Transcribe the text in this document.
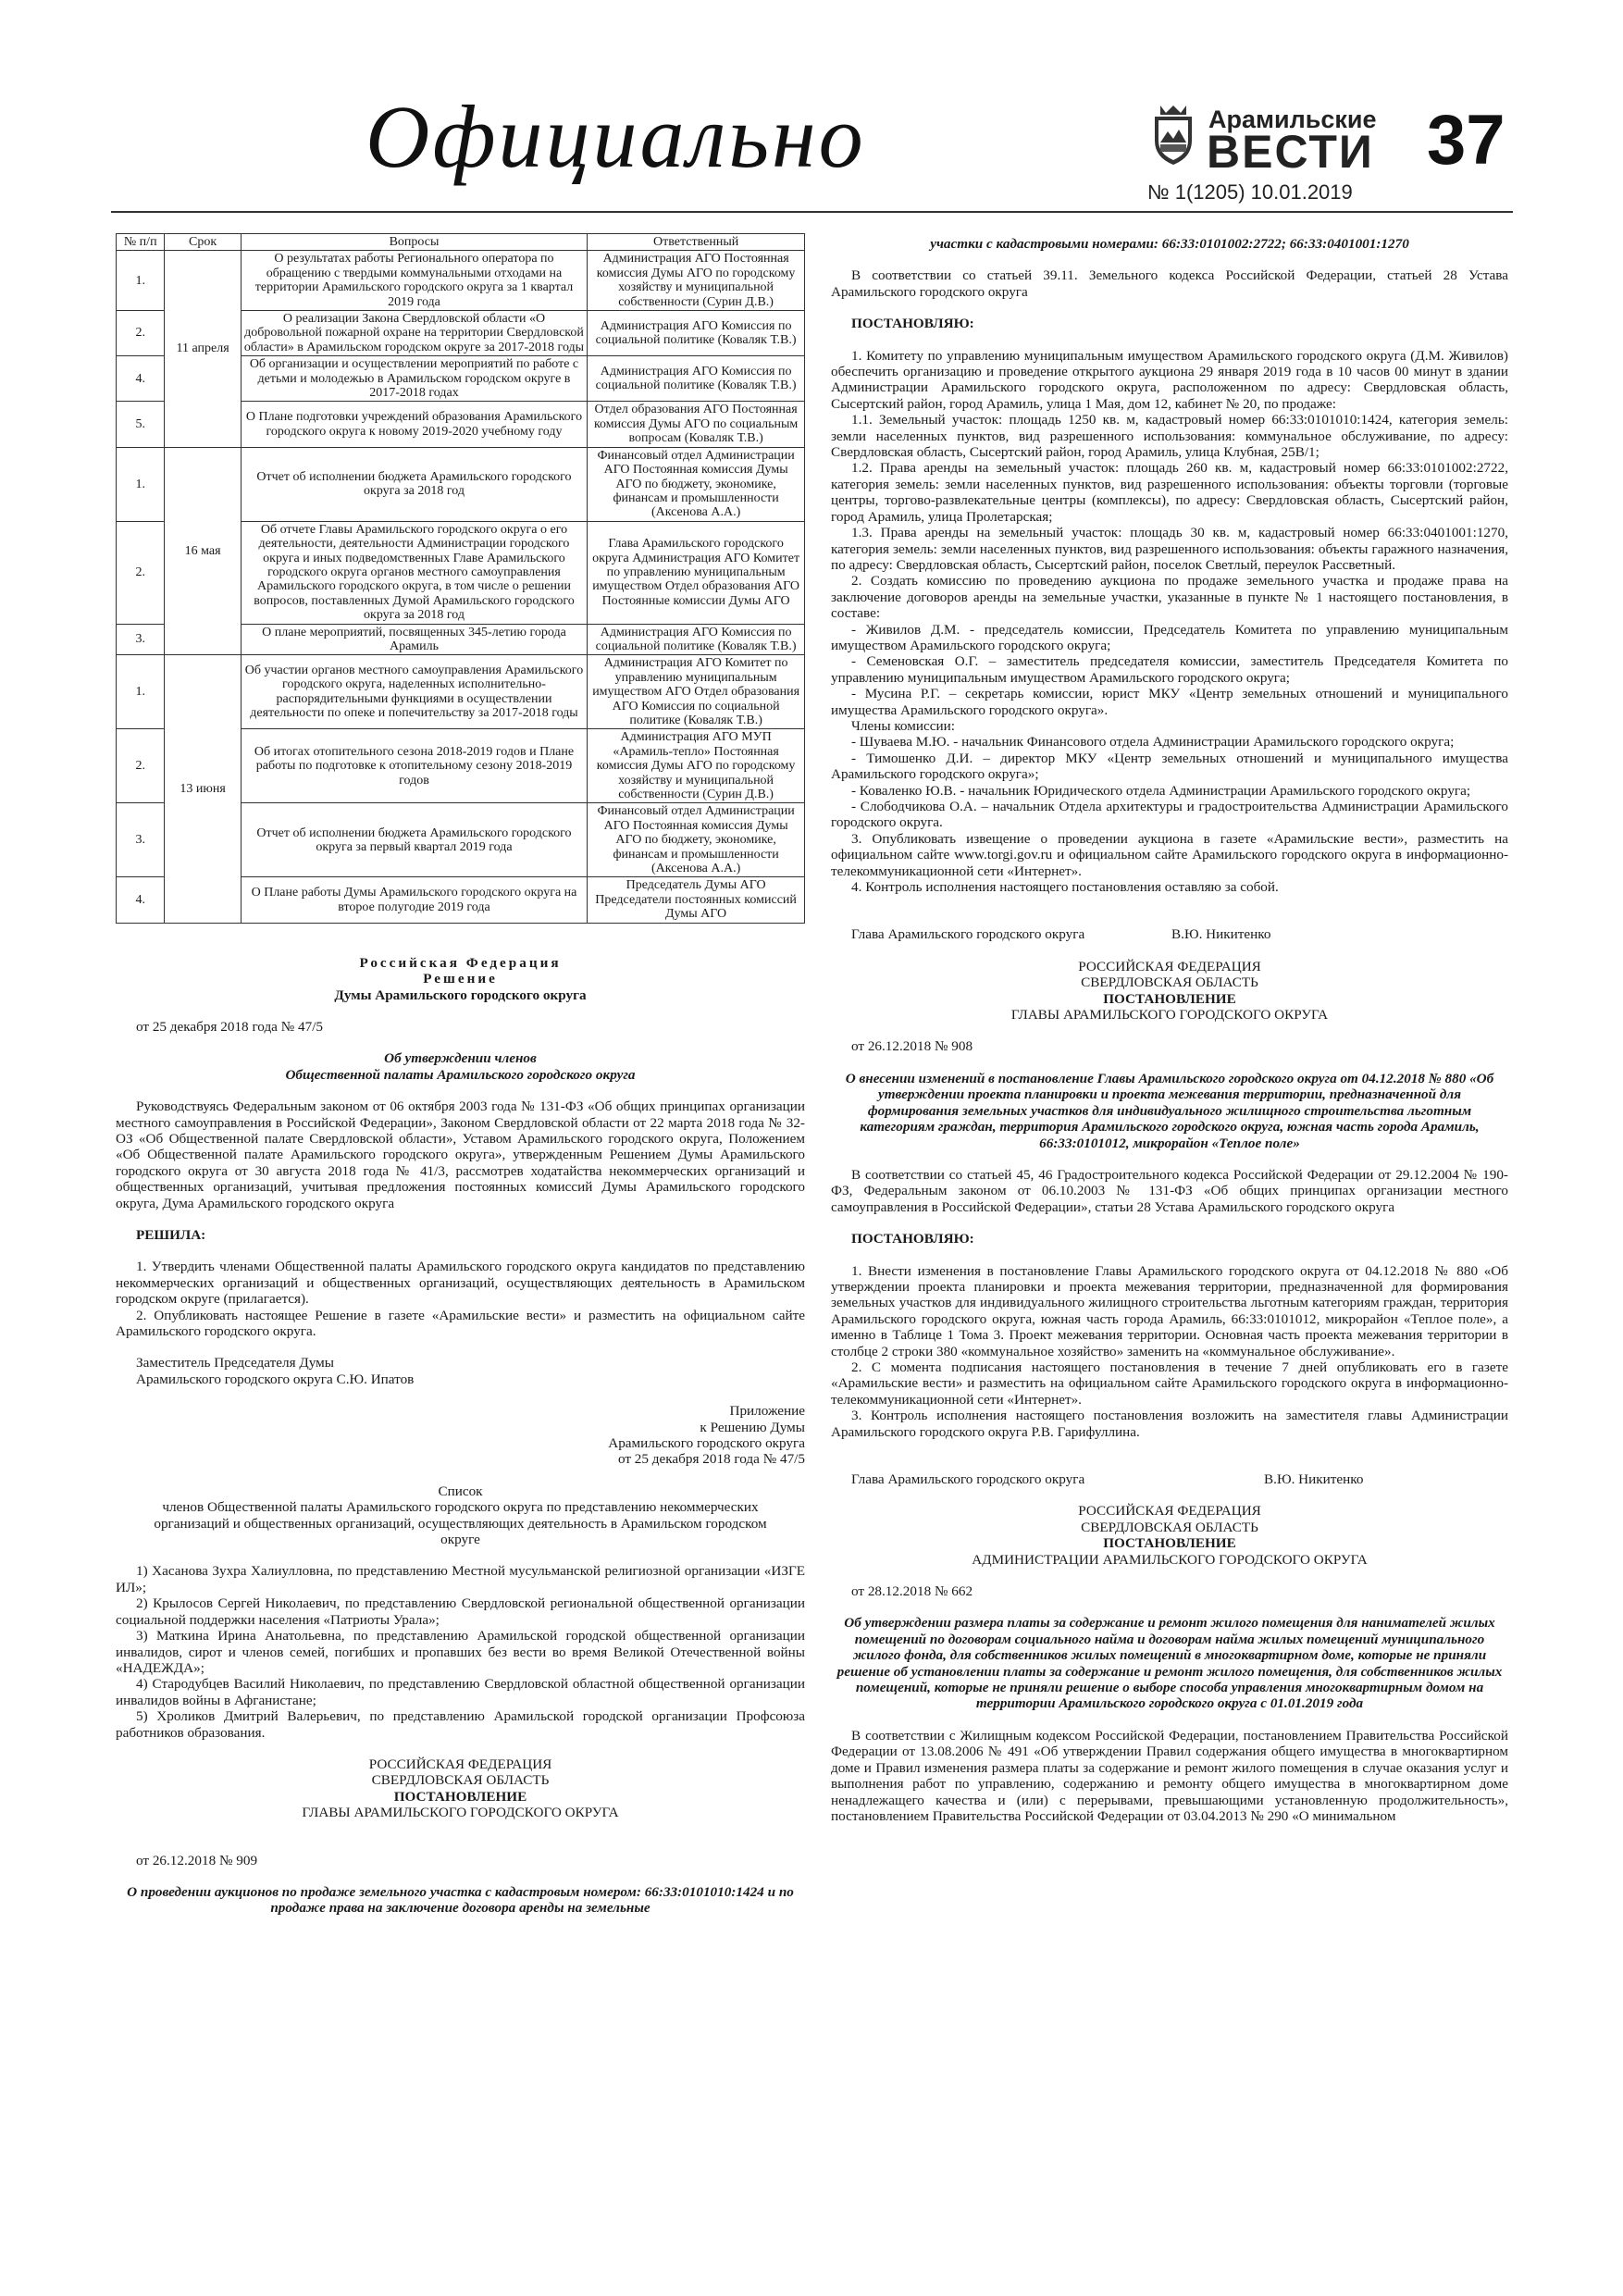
Официально	Арамильские
ВЕСТИ 37
№ 1(1205) 10.01.2019
№ п/п	Срок	Вопросы	Ответственный
1.	11 апреля	О результатах работы Регионального оператора по обращению с твердыми коммунальными отходами на территории Арамильского городского округа за 1 квартал 2019 года	Администрация АГО Постоянная комиссия Думы АГО по городскому хозяйству и муниципальной собственности (Сурин Д.В.)
2.		О реализации Закона Свердловской области «О добровольной пожарной охране на территории Свердловской области» в Арамильском городском округе за 2017-2018 годы	Администрация АГО Комиссия по социальной политике (Коваляк Т.В.)
4.		Об организации и осуществлении мероприятий по работе с детьми и молодежью в Арамильском городском округе в 2017-2018 годах	Администрация АГО Комиссия по социальной политике (Коваляк Т.В.)
5.		О Плане подготовки учреждений образования Арамильского городского округа к новому 2019-2020 учебному году	Отдел образования АГО Постоянная комиссия Думы АГО по социальным вопросам (Коваляк Т.В.)
1.	16 мая	Отчет об исполнении бюджета Арамильского городского округа за 2018 год	Финансовый отдел Администрации АГО Постоянная комиссия Думы АГО по бюджету, экономике, финансам и промышленности (Аксенова А.А.)
2.		Об отчете Главы Арамильского городского округа о его деятельности, деятельности Администрации городского округа и иных подведомственных Главе Арамильского городского округа органов местного самоуправления Арамильского городского округа, в том числе о решении вопросов, поставленных Думой Арамильского городского округа за 2018 год	Глава Арамильского городского округа Администрация АГО Комитет по управлению муниципальным имуществом Отдел образования АГО Постоянные комиссии Думы АГО
3.		О плане мероприятий, посвященных 345-летию города Арамиль	Администрация АГО Комиссия по социальной политике (Коваляк Т.В.)
1.	13 июня	Об участии органов местного самоуправления Арамильского городского округа, наделенных исполнительно-распорядительными функциями в осуществлении деятельности по опеке и попечительству за 2017-2018 годы	Администрация АГО Комитет по управлению муниципальным имуществом АГО Отдел образования АГО Комиссия по социальной политике (Коваляк Т.В.)
2.		Об итогах отопительного сезона 2018-2019 годов и Плане работы по подготовке к отопительному сезону 2018-2019 годов	Администрация АГО МУП «Арамиль-тепло» Постоянная комиссия Думы АГО по городскому хозяйству и муниципальной собственности (Сурин Д.В.)
3.		Отчет об исполнении бюджета Арамильского городского округа за первый квартал 2019 года	Финансовый отдел Администрации АГО Постоянная комиссия Думы АГО по бюджету, экономике, финансам и промышленности (Аксенова А.А.)
4.		О Плане работы Думы Арамильского городского округа на второе полугодие 2019 года	Председатель Думы АГО Председатели постоянных комиссий Думы АГО

Российская Федерация

Решение

Думы Арамильского городского округа

от 25 декабря 2018 года № 47/5

Об утверждении членов

Общественной палаты Арамильского городского округа

Руководствуясь Федеральным законом от 06 октября 2003 года № 131-ФЗ «Об общих принципах организации местного самоуправления в Российской Федерации», Законом Свердловской области от 22 марта 2018 года № 32-ОЗ «Об Общественной палате Свердловской области», Уставом Арамильского городского округа, Положением «Об Общественной палате Арамильского городского округа», утвержденным Решением Думы Арамильского городского округа от 30 августа 2018 года № 41/3, рассмотрев ходатайства некоммерческих организаций и общественных организаций, учитывая предложения постоянных комиссий Думы Арамильского городского округа, Дума Арамильского городского округа

РЕШИЛА:

1. Утвердить членами Общественной палаты Арамильского городского округа кандидатов по представлению некоммерческих организаций и общественных организаций, осуществляющих деятельность в Арамильском городском округе (прилагается).

2. Опубликовать настоящее Решение в газете «Арамильские вести» и разместить на официальном сайте Арамильского городского округа.

Заместитель Председателя Думы

Арамильского городского округа С.Ю. Ипатов

Приложение

к Решению Думы

Арамильского городского округа

от 25 декабря 2018 года № 47/5

Список

членов Общественной палаты Арамильского городского округа по представлению некоммерческих организаций и общественных организаций, осуществляющих деятельность в Арамильском городском округе

1) Хасанова Зухра Халиулловна, по представлению Местной мусульманской религиозной организации «ИЗГЕ ИЛ»;

2) Крылосов Сергей Николаевич, по представлению Свердловской региональной общественной организации социальной поддержки населения «Патриоты Урала»;

3) Маткина Ирина Анатольевна, по представлению Арамильской городской общественной организации инвалидов, сирот и членов семей, погибших и пропавших без вести во время Великой Отечественной войны «НАДЕЖДА»;

4) Стародубцев Василий Николаевич, по представлению Свердловской областной общественной организации инвалидов войны в Афганистане;

5) Хроликов Дмитрий Валерьевич, по представлению Арамильской городской организации Профсоюза работников образования.

РОССИЙСКАЯ ФЕДЕРАЦИЯ

СВЕРДЛОВСКАЯ ОБЛАСТЬ

ПОСТАНОВЛЕНИЕ

ГЛАВЫ АРАМИЛЬСКОГО ГОРОДСКОГО ОКРУГА

от 26.12.2018 № 909

О проведении аукционов по продаже земельного участка с кадастровым номером: 66:33:0101010:1424 и по продаже права на заключение договора аренды на земельные

участки с кадастровыми номерами: 66:33:0101002:2722; 66:33:0401001:1270

В соответствии со статьей 39.11. Земельного кодекса Российской Федерации, статьей 28 Устава Арамильского городского округа

ПОСТАНОВЛЯЮ:

1. Комитету по управлению муниципальным имуществом Арамильского городского округа (Д.М. Живилов) обеспечить организацию и проведение открытого аукциона 29 января 2019 года в 10 часов 00 минут в здании Администрации Арамильского городского округа, расположенном по адресу: Свердловская область, Сысертский район, город Арамиль, улица 1 Мая, дом 12, кабинет № 20, по продаже:

1.1. Земельный участок: площадь 1250 кв. м, кадастровый номер 66:33:0101010:1424, категория земель: земли населенных пунктов, вид разрешенного использования: коммунальное обслуживание, по адресу: Свердловская область, Сысертский район, город Арамиль, улица Клубная, 25В/1;

1.2. Права аренды на земельный участок: площадь 260 кв. м, кадастровый номер 66:33:0101002:2722, категория земель: земли населенных пунктов, вид разрешенного использования: объекты торговли (торговые центры, торгово-развлекательные центры (комплексы), по адресу: Свердловская область, Сысертский район, город Арамиль, улица Пролетарская;

1.3. Права аренды на земельный участок: площадь 30 кв. м, кадастровый номер 66:33:0401001:1270, категория земель: земли населенных пунктов, вид разрешенного использования: объекты гаражного назначения, по адресу: Свердловская область, Сысертский район, поселок Светлый, переулок Рассветный.

2. Создать комиссию по проведению аукциона по продаже земельного участка и продаже права на заключение договоров аренды на земельные участки, указанные в пункте № 1 настоящего постановления, в составе:

- Живилов Д.М. - председатель комиссии, Председатель Комитета по управлению муниципальным имуществом Арамильского городского округа;

- Семеновская О.Г. – заместитель председателя комиссии, заместитель Председателя Комитета по управлению муниципальным имуществом Арамильского городского округа;

- Мусина Р.Г. – секретарь комиссии, юрист МКУ «Центр земельных отношений и муниципального имущества Арамильского городского округа».

Члены комиссии:

- Шуваева М.Ю. - начальник Финансового отдела Администрации Арамильского городского округа;

- Тимошенко Д.И. – директор МКУ «Центр земельных отношений и муниципального имущества Арамильского городского округа»;

- Коваленко Ю.В. - начальник Юридического отдела Администрации Арамильского городского округа;

- Слободчикова О.А. – начальник Отдела архитектуры и градостроительства Администрации Арамильского городского округа.

3. Опубликовать извещение о проведении аукциона в газете «Арамильские вести», разместить на официальном сайте www.torgi.gov.ru и официальном сайте Арамильского городского округа в информационно-телекоммуникационной сети «Интернет».

4. Контроль исполнения настоящего постановления оставляю за собой.

Глава Арамильского городского округа	В.Ю. Никитенко

РОССИЙСКАЯ ФЕДЕРАЦИЯ

СВЕРДЛОВСКАЯ ОБЛАСТЬ

ПОСТАНОВЛЕНИЕ

ГЛАВЫ АРАМИЛЬСКОГО ГОРОДСКОГО ОКРУГА

от 26.12.2018 № 908

О внесении изменений в постановление Главы Арамильского городского округа от 04.12.2018 № 880 «Об утверждении проекта планировки и проекта межевания территории, предназначенной для формирования земельных участков для индивидуального жилищного строительства льготным категориям граждан, территория Арамильского городского округа, южная часть города Арамиль, 66:33:0101012, микрорайон «Теплое поле»

В соответствии со статьей 45, 46 Градостроительного кодекса Российской Федерации от 29.12.2004 № 190-ФЗ, Федеральным законом от 06.10.2003 № 131-ФЗ «Об общих принципах организации местного самоуправления в Российской Федерации», статьи 28 Устава Арамильского городского округа

ПОСТАНОВЛЯЮ:

1. Внести изменения в постановление Главы Арамильского городского округа от 04.12.2018 № 880 «Об утверждении проекта планировки и проекта межевания территории, предназначенной для формирования земельных участков для индивидуального жилищного строительства льготным категориям граждан, территория Арамильского городского округа, южная часть города Арамиль, 66:33:0101012, микрорайон «Теплое поле», а именно в Таблице 1 Тома 3. Проект межевания территории. Основная часть проекта межевания территории в столбце 2 строки 380 «коммунальное хозяйство» заменить на «коммунальное обслуживание».

2. С момента подписания настоящего постановления в течение 7 дней опубликовать его в газете «Арамильские вести» и разместить на официальном сайте Арамильского городского округа в информационно-телекоммуникационной сети «Интернет».

3. Контроль исполнения настоящего постановления возложить на заместителя главы Администрации Арамильского городского округа Р.В. Гарифуллина.

Глава Арамильского городского округа	В.Ю. Никитенко

РОССИЙСКАЯ ФЕДЕРАЦИЯ

СВЕРДЛОВСКАЯ ОБЛАСТЬ

ПОСТАНОВЛЕНИЕ

АДМИНИСТРАЦИИ АРАМИЛЬСКОГО ГОРОДСКОГО ОКРУГА

от 28.12.2018 № 662

Об утверждении размера платы за содержание и ремонт жилого помещения для нанимателей жилых помещений по договорам социального найма и договорам найма жилых помещений муниципального жилого фонда, для собственников жилых помещений в многоквартирном доме, которые не приняли решение об установлении платы за содержание и ремонт жилого помещения, для собственников жилых помещений, которые не приняли решение о выборе способа управления многоквартирным домом на территории Арамильского городского округа с 01.01.2019 года

В соответствии с Жилищным кодексом Российской Федерации, постановлением Правительства Российской Федерации от 13.08.2006 № 491 «Об утверждении Правил содержания общего имущества в многоквартирном доме и Правил изменения размера платы за содержание и ремонт жилого помещения в случае оказания услуг и выполнения работ по управлению, содержанию и ремонту общего имущества в многоквартирном доме ненадлежащего качества и (или) с перерывами, превышающими установленную продолжительность», постановлением Правительства Российской Федерации от 03.04.2013 № 290 «О минимальном
